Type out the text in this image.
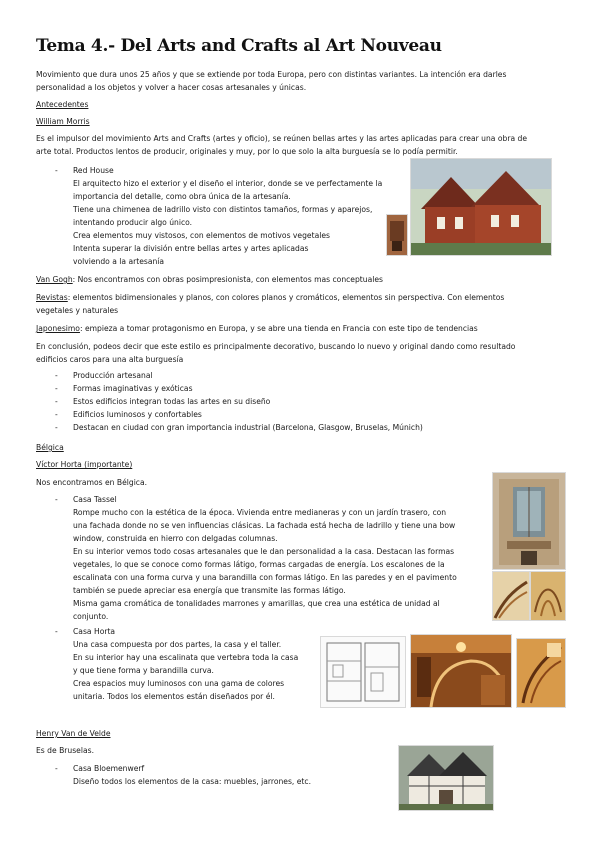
Tema 4.- Del Arts and Crafts al Art Nouveau
Movimiento que dura unos 25 años y que se extiende por toda Europa, pero con distintas variantes. La intención era darles
personalidad a los objetos y volver a hacer cosas artesanales y únicas.
Antecedentes
William Morris
Es el impulsor del movimiento Arts and Crafts (artes y oficio), se reúnen bellas artes y las artes aplicadas para crear una obra de
arte total. Productos lentos de producir, originales y muy, por lo que solo la alta burguesía se lo podía permitir.
- Red House
El arquitecto hizo el exterior y el diseño el interior, donde se ve perfectamente la
importancia del detalle, como obra única de la artesanía.
Tiene una chimenea de ladrillo visto con distintos tamaños, formas y aparejos,
intentando producir algo único.
Crea elementos muy vistosos, con elementos de motivos vegetales
Intenta superar la división entre bellas artes y artes aplicadas
volviendo a la artesanía
Van Gogh: Nos encontramos con obras posimpresionista, con elementos mas conceptuales
Revistas: elementos bidimensionales y planos, con colores planos y cromáticos, elementos sin perspectiva. Con elementos
vegetales y naturales
Japonesimo: empieza a tomar protagonismo en Europa, y se abre una tienda en Francia con este tipo de tendencias
En conclusión, podeos decir que este estilo es principalmente decorativo, buscando lo nuevo y original dando como resultado
edificios caros para una alta burguesía
-
-
-
-
-
Producción artesanal
Formas imaginativas y exóticas
Estos edificios integran todas las artes en su diseño
Edificios luminosos y confortables
Destacan en ciudad con gran importancia industrial (Barcelona, Glasgow, Bruselas, Múnich)
Bélgica
Víctor Horta (importante)
Nos encontramos en Bélgica.
- Casa Tassel
Rompe mucho con la estética de la época. Vivienda entre medianeras y con un jardín trasero, con
una fachada donde no se ven influencias clásicas. La fachada está hecha de ladrillo y tiene una bow
window, construida en hierro con delgadas columnas.
En su interior vemos todo cosas artesanales que le dan personalidad a la casa. Destacan las formas
vegetales, lo que se conoce como formas látigo, formas cargadas de energía. Los escalones de la
escalinata con una forma curva y una barandilla con formas látigo. En las paredes y en el pavimento
también se puede apreciar esa energía que transmite las formas látigo.
Misma gama cromática de tonalidades marrones y amarillas, que crea una estética de unidad al
conjunto.
- Casa Horta
Una casa compuesta por dos partes, la casa y el taller.
En su interior hay una escalinata que vertebra toda la casa
y que tiene forma y barandilla curva.
Crea espacios muy luminosos con una gama de colores
unitaria. Todos los elementos están diseñados por él.
Henry Van de Velde
Es de Bruselas.
- Casa Bloemenwerf
Diseño todos los elementos de la casa: muebles, jarrones, etc.
